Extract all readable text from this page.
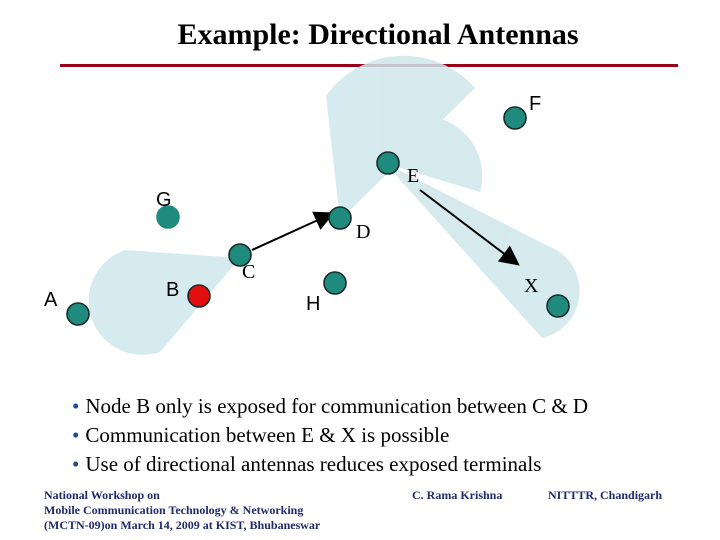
Example: Directional Antennas
A	B
C
D
E
F
G
H
X
• Node B only is exposed for communication between C & D
• Communication between E & X is possible
• Use of directional antennas reduces exposed terminals
National Workshop on
Mobile Communication Technology & Networking
(MCTN-09)on March 14, 2009 at KIST, Bhubaneswar
C. Rama Krishna	NITTTR, Chandigarh
